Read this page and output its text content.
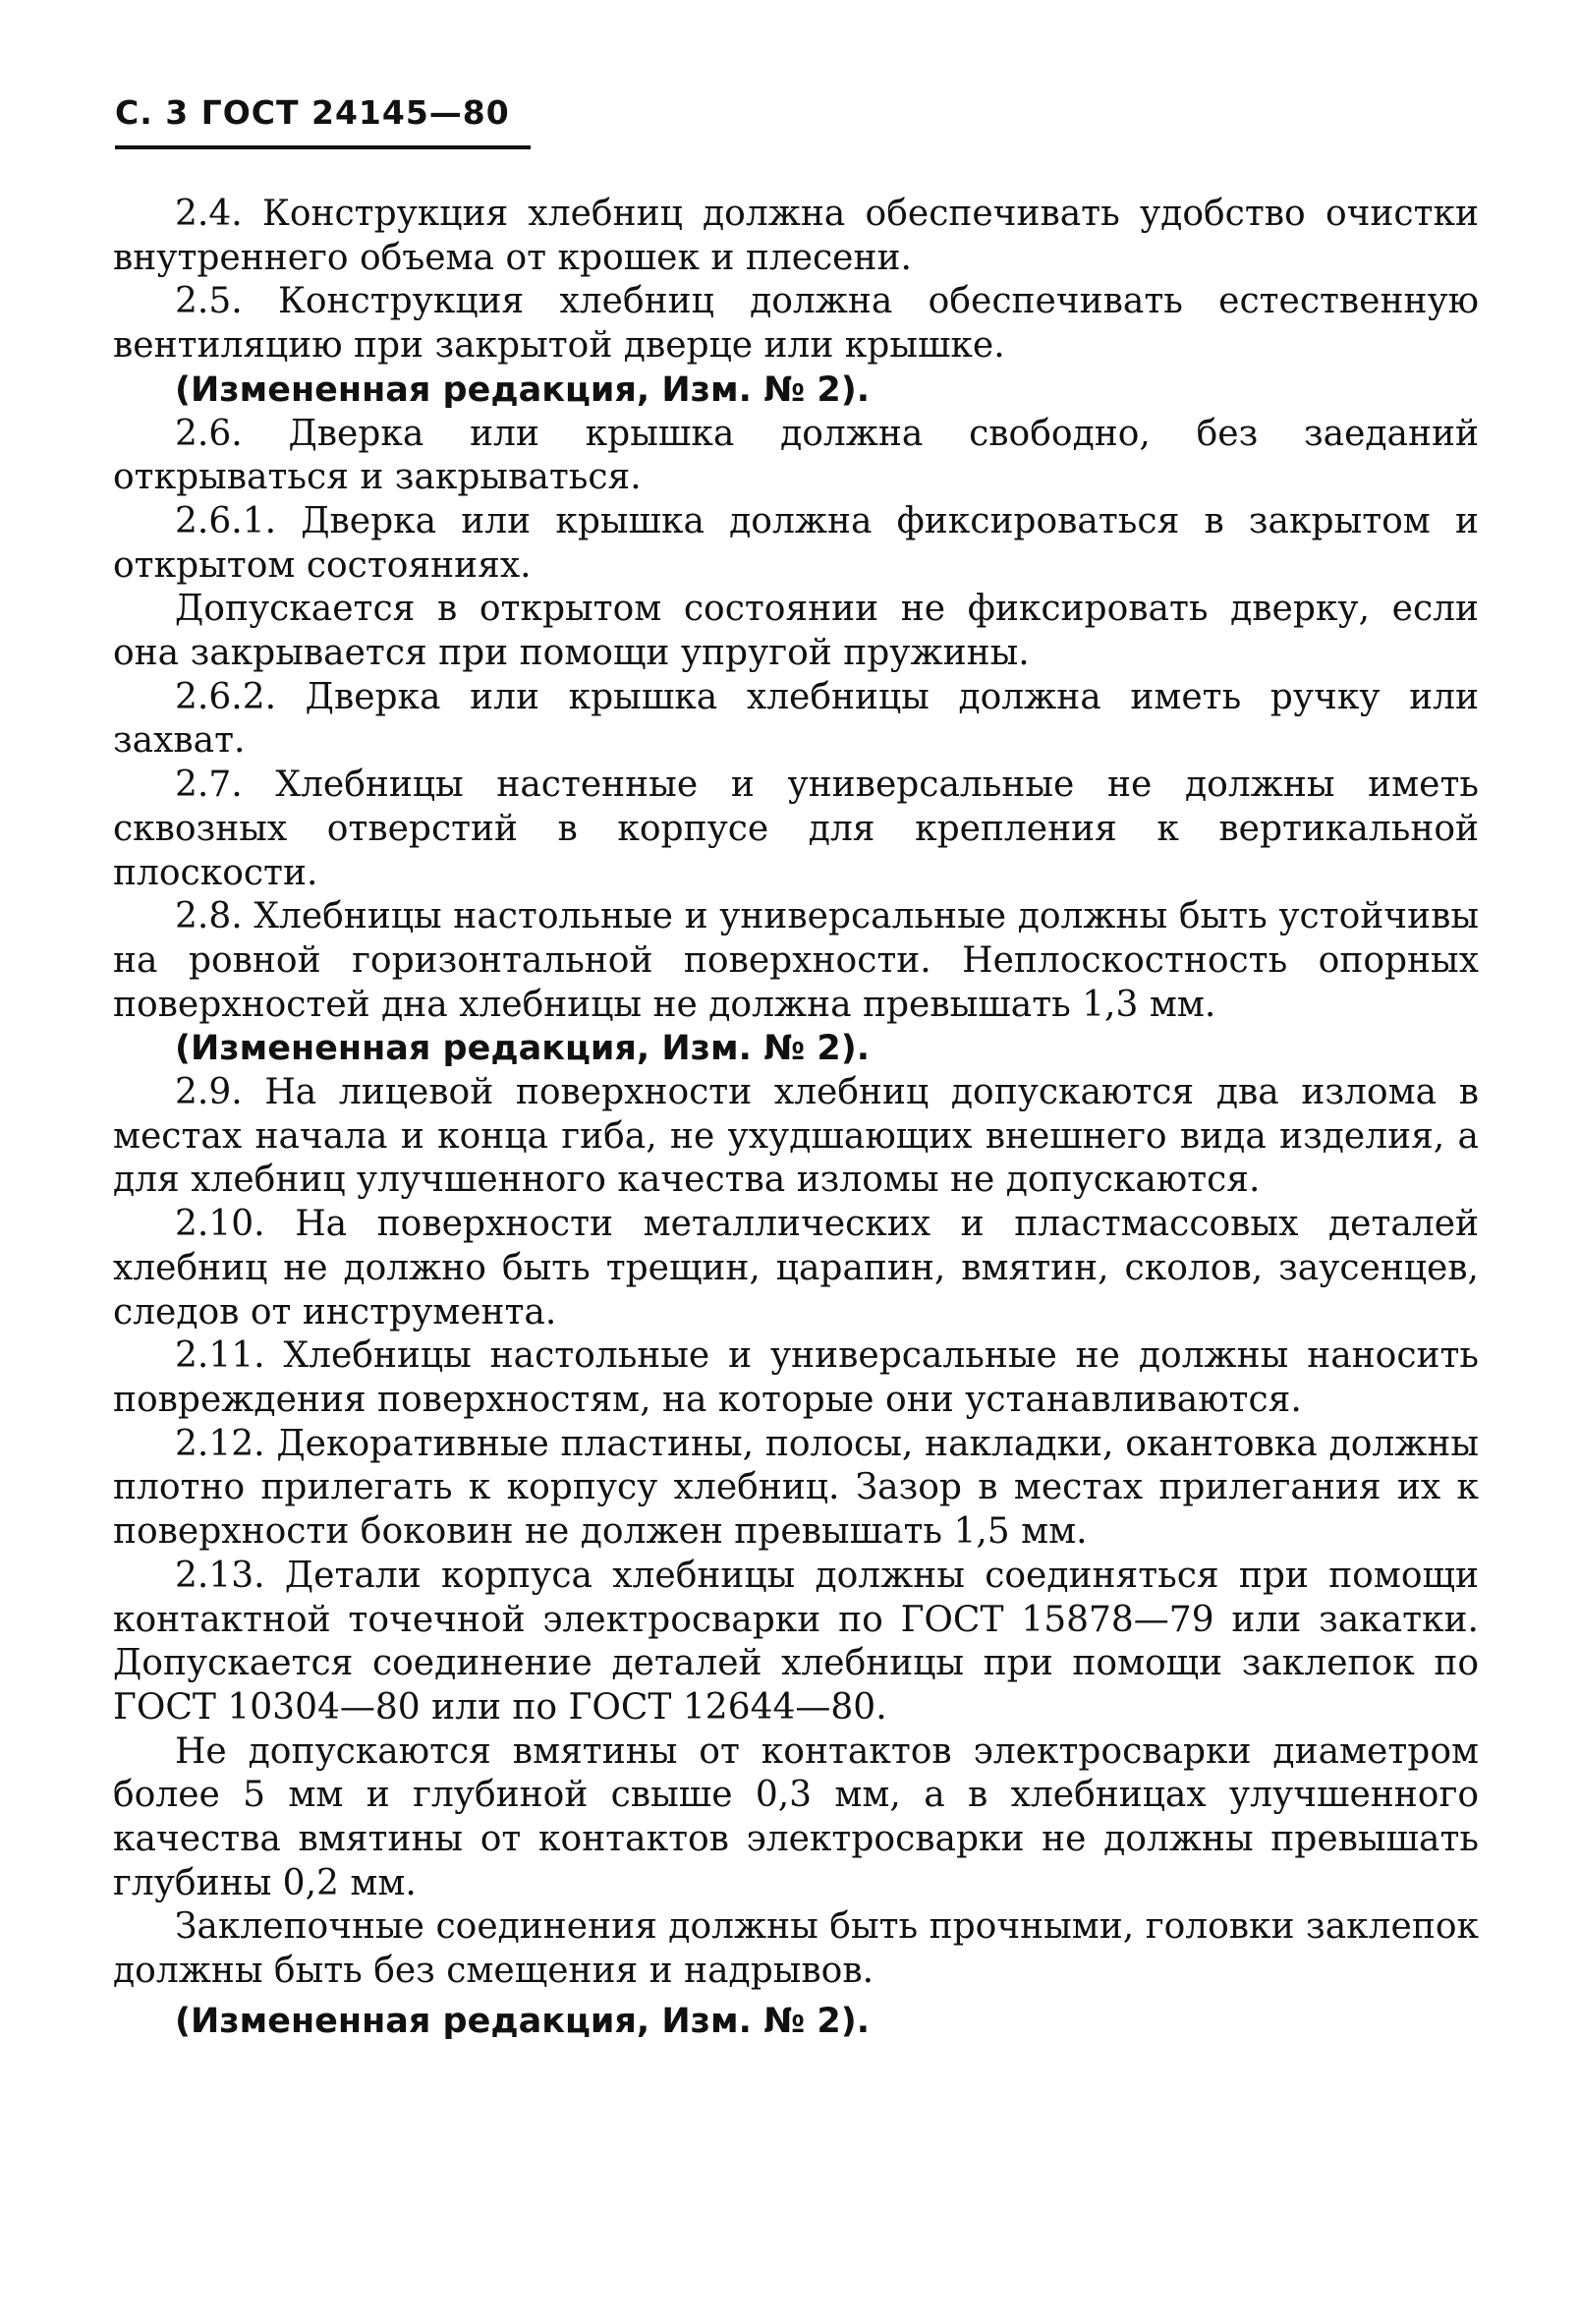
С. 3 ГОСТ 24145—80

2.4. Конструкция хлебниц должна обеспечивать удобство очистки внутреннего объема от крошек и плесени.

2.5. Конструкция хлебниц должна обеспечивать естественную вентиляцию при закрытой дверце или крышке.

(Измененная редакция, Изм. № 2).

2.6. Дверка или крышка должна свободно, без заеданий открываться и закрываться.

2.6.1. Дверка или крышка должна фиксироваться в закрытом и открытом состояниях.

Допускается в открытом состоянии не фиксировать дверку, если она закрывается при помощи упругой пружины.

2.6.2. Дверка или крышка хлебницы должна иметь ручку или захват.

2.7. Хлебницы настенные и универсальные не должны иметь сквозных отверстий в корпусе для крепления к вертикальной плоскости.

2.8. Хлебницы настольные и универсальные должны быть устойчивы на ровной горизонтальной поверхности. Неплоскостность опорных поверхностей дна хлебницы не должна превышать 1,3 мм.

(Измененная редакция, Изм. № 2).

2.9. На лицевой поверхности хлебниц допускаются два излома в местах начала и конца гиба, не ухудшающих внешнего вида изделия, а для хлебниц улучшенного качества изломы не допускаются.

2.10. На поверхности металлических и пластмассовых деталей хлебниц не должно быть трещин, царапин, вмятин, сколов, заусенцев, следов от инструмента.

2.11. Хлебницы настольные и универсальные не должны наносить повреждения поверхностям, на которые они устанавливаются.

2.12. Декоративные пластины, полосы, накладки, окантовка должны плотно прилегать к корпусу хлебниц. Зазор в местах прилегания их к поверхности боковин не должен превышать 1,5 мм.

2.13. Детали корпуса хлебницы должны соединяться при помощи контактной точечной электросварки по ГОСТ 15878—79 или закатки. Допускается соединение деталей хлебницы при помощи заклепок по ГОСТ 10304—80 или по ГОСТ 12644—80.

Не допускаются вмятины от контактов электросварки диаметром более 5 мм и глубиной свыше 0,3 мм, а в хлебницах улучшенного качества вмятины от контактов электросварки не должны превышать глубины 0,2 мм.

Заклепочные соединения должны быть прочными, головки заклепок должны быть без смещения и надрывов.

(Измененная редакция, Изм. № 2).
